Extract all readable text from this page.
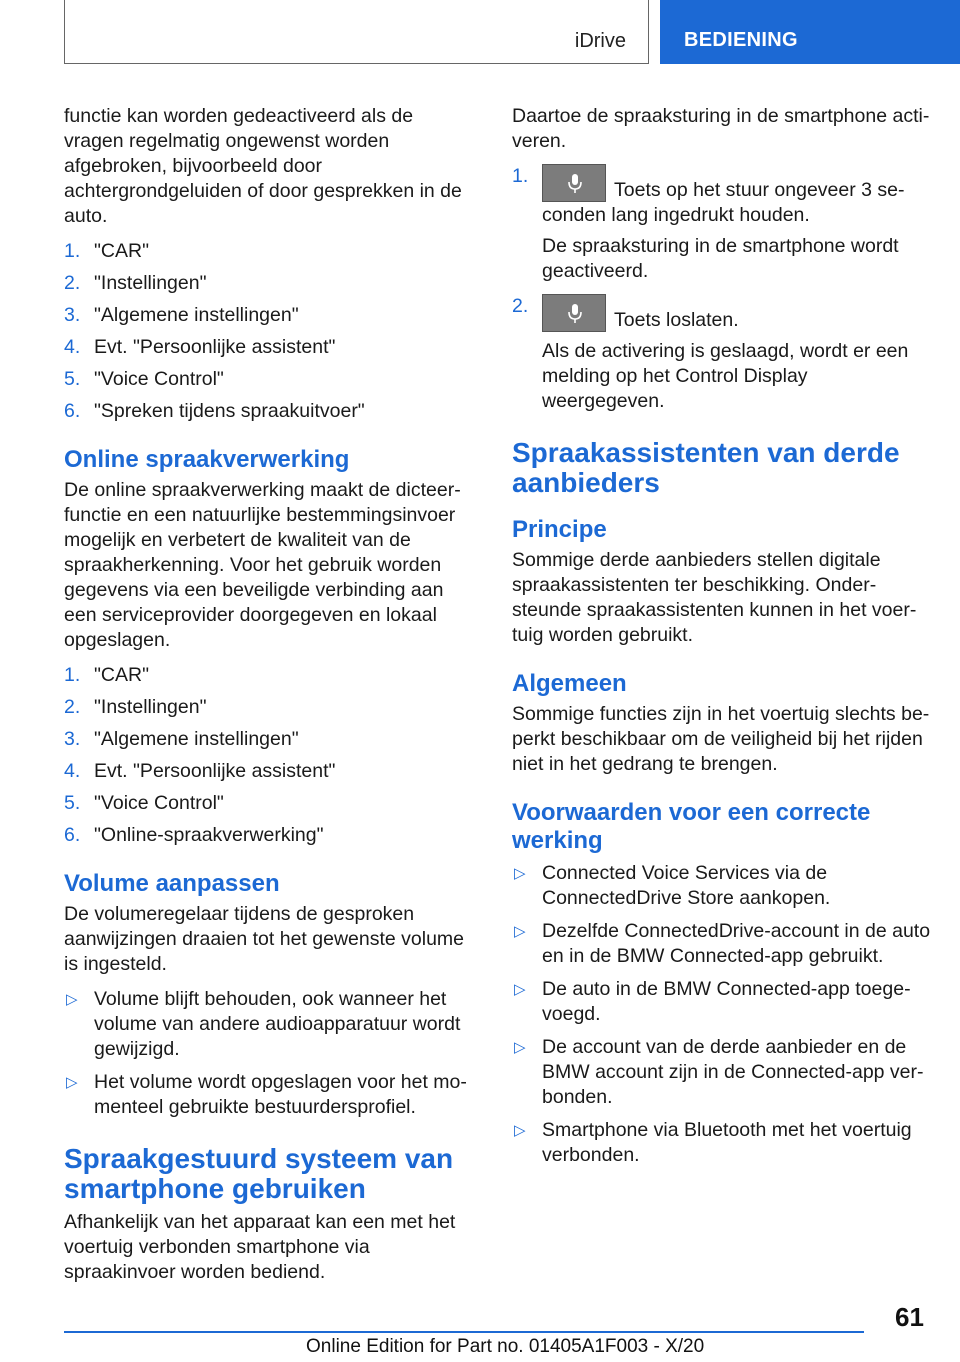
iDrive	BEDIENING

functie kan worden gedeactiveerd als de vragen regelmatig ongewenst worden afgebroken, bijvoorbeeld door achtergrondgeluiden of door gesprekken in de auto.

1. "CAR"
2. "Instellingen"
3. "Algemene instellingen"
4. Evt. "Persoonlijke assistent"
5. "Voice Control"
6. "Spreken tijdens spraakuitvoer"
Online spraakverwerking

De online spraakverwerking maakt de dicteerfunctie en een natuurlijke bestemmingsinvoer mogelijk en verbetert de kwaliteit van de spraakherkenning. Voor het gebruik worden gegevens via een beveiligde verbinding aan een serviceprovider doorgegeven en lokaal opgeslagen.

1. "CAR"
2. "Instellingen"
3. "Algemene instellingen"
4. Evt. "Persoonlijke assistent"
5. "Voice Control"
6. "Online-spraakverwerking"
Volume aanpassen

De volumeregelaar tijdens de gesproken aanwijzingen draaien tot het gewenste volume is ingesteld.

▷ Volume blijft behouden, ook wanneer het volume van andere audioapparatuur wordt gewijzigd.
▷ Het volume wordt opgeslagen voor het momenteel gebruikte bestuurdersprofiel.
Spraakgestuurd systeem van smartphone gebruiken

Afhankelijk van het apparaat kan een met het voertuig verbonden smartphone via spraakinvoer worden bediend.

Daartoe de spraaksturing in de smartphone activeren.

1.
Toets op het stuur ongeveer 3 seconden lang ingedrukt houden.
De spraaksturing in de smartphone wordt geactiveerd.
2.
Toets loslaten.
Als de activering is geslaagd, wordt er een melding op het Control Display weergegeven.
Spraakassistenten van derde aanbieders
Principe

Sommige derde aanbieders stellen digitale spraakassistenten ter beschikking. Ondersteunde spraakassistenten kunnen in het voertuig worden gebruikt.

Algemeen

Sommige functies zijn in het voertuig slechts beperkt beschikbaar om de veiligheid bij het rijden niet in het gedrang te brengen.

Voorwaarden voor een correcte werking
▷ Connected Voice Services via de ConnectedDrive Store aankopen.
▷ Dezelfde ConnectedDrive-account in de auto en in de BMW Connected-app gebruikt.
▷ De auto in de BMW Connected-app toegevoegd.
▷ De account van de derde aanbieder en de BMW account zijn in de Connected-app verbonden.
▷ Smartphone via Bluetooth met het voertuig verbonden.
61
Online Edition for Part no. 01405A1F003 - X/20
